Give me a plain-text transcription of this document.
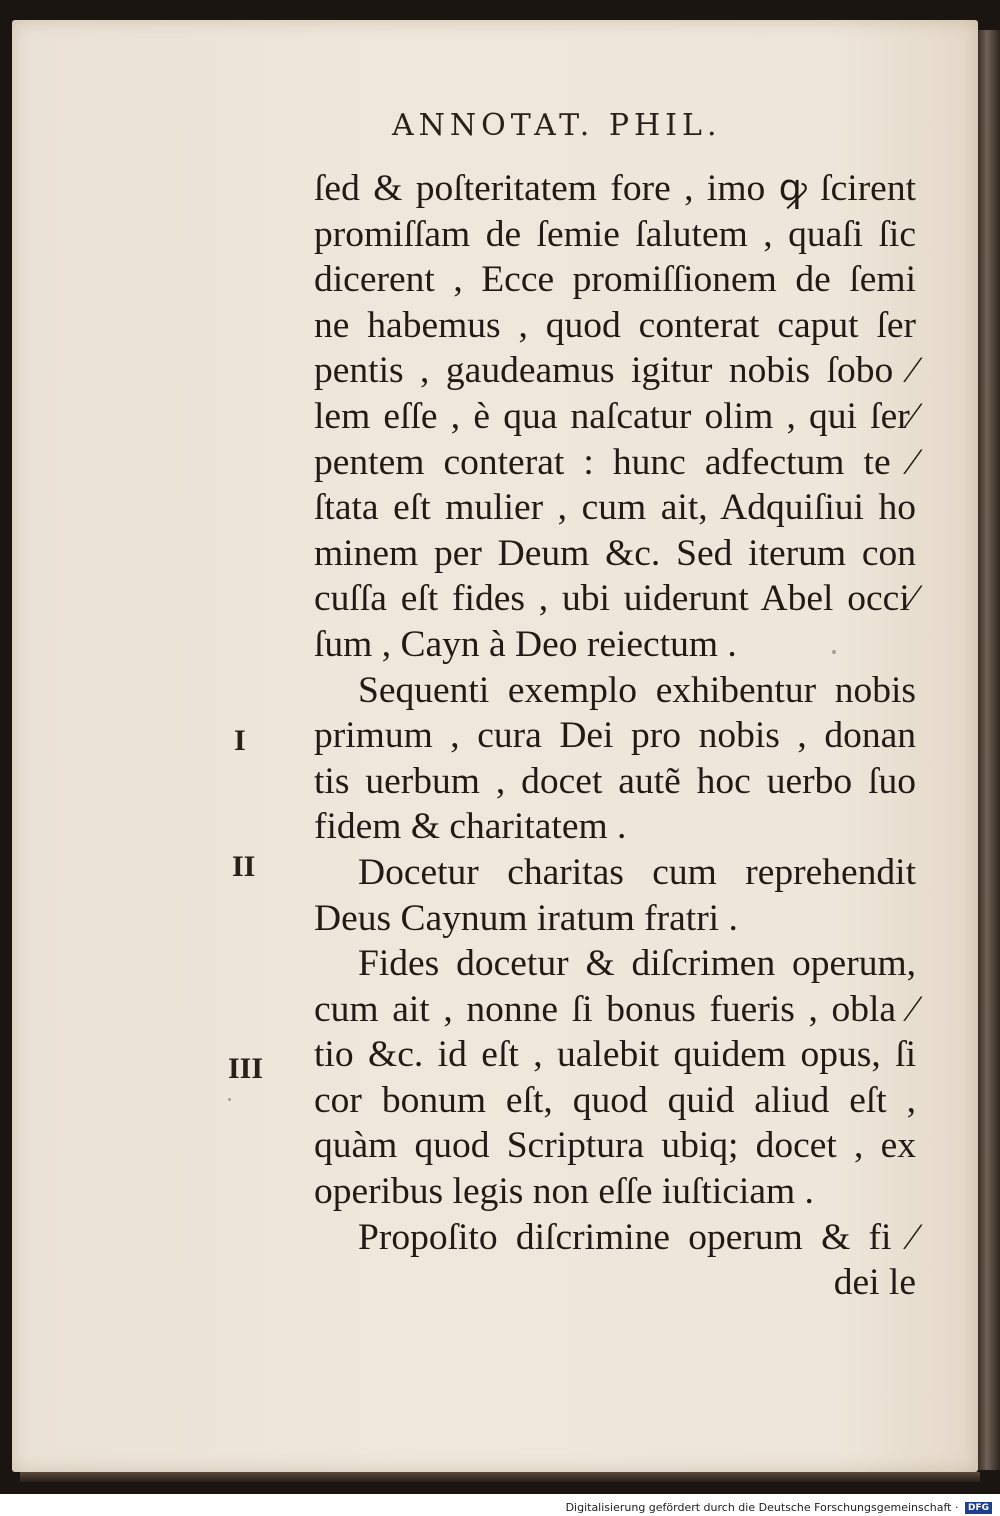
ANNOTAT. PHIL.
ſed & poſteritatem fore , imo ꝙ ſcirent
promiſſam de ſemie ſalutem , quaſi ſic
dicerent , Ecce promiſſionem de ſemi
ne habemus , quod conterat caput ſer
pentis , gaudeamus igitur nobis ſobo ⁄
lem eſſe , è qua naſcatur olim , qui ſer⁄
pentem conterat : hunc adfectum te ⁄
ſtata eſt mulier , cum ait, Adquiſiui ho
minem per Deum &c. Sed iterum con
cuſſa eſt fides , ubi uiderunt Abel occi⁄
ſum , Cayn à Deo reiectum .
Sequenti exemplo exhibentur nobis
primum , cura Dei pro nobis , donan
tis uerbum , docet autẽ hoc uerbo ſuo
fidem & charitatem .
Docetur charitas cum reprehendit
Deus Caynum iratum fratri .
Fides docetur & diſcrimen operum,
cum ait , nonne ſi bonus fueris , obla ⁄
tio &c. id eſt , ualebit quidem opus, ſi
cor bonum eſt, quod quid aliud eſt ,
quàm quod Scriptura ubiq; docet , ex
operibus legis non eſſe iuſticiam .
Propoſito diſcrimine operum & fi ⁄
dei le
I
II
III
Digitalisierung gefördert durch die Deutsche Forschungsgemeinschaft · DFG
